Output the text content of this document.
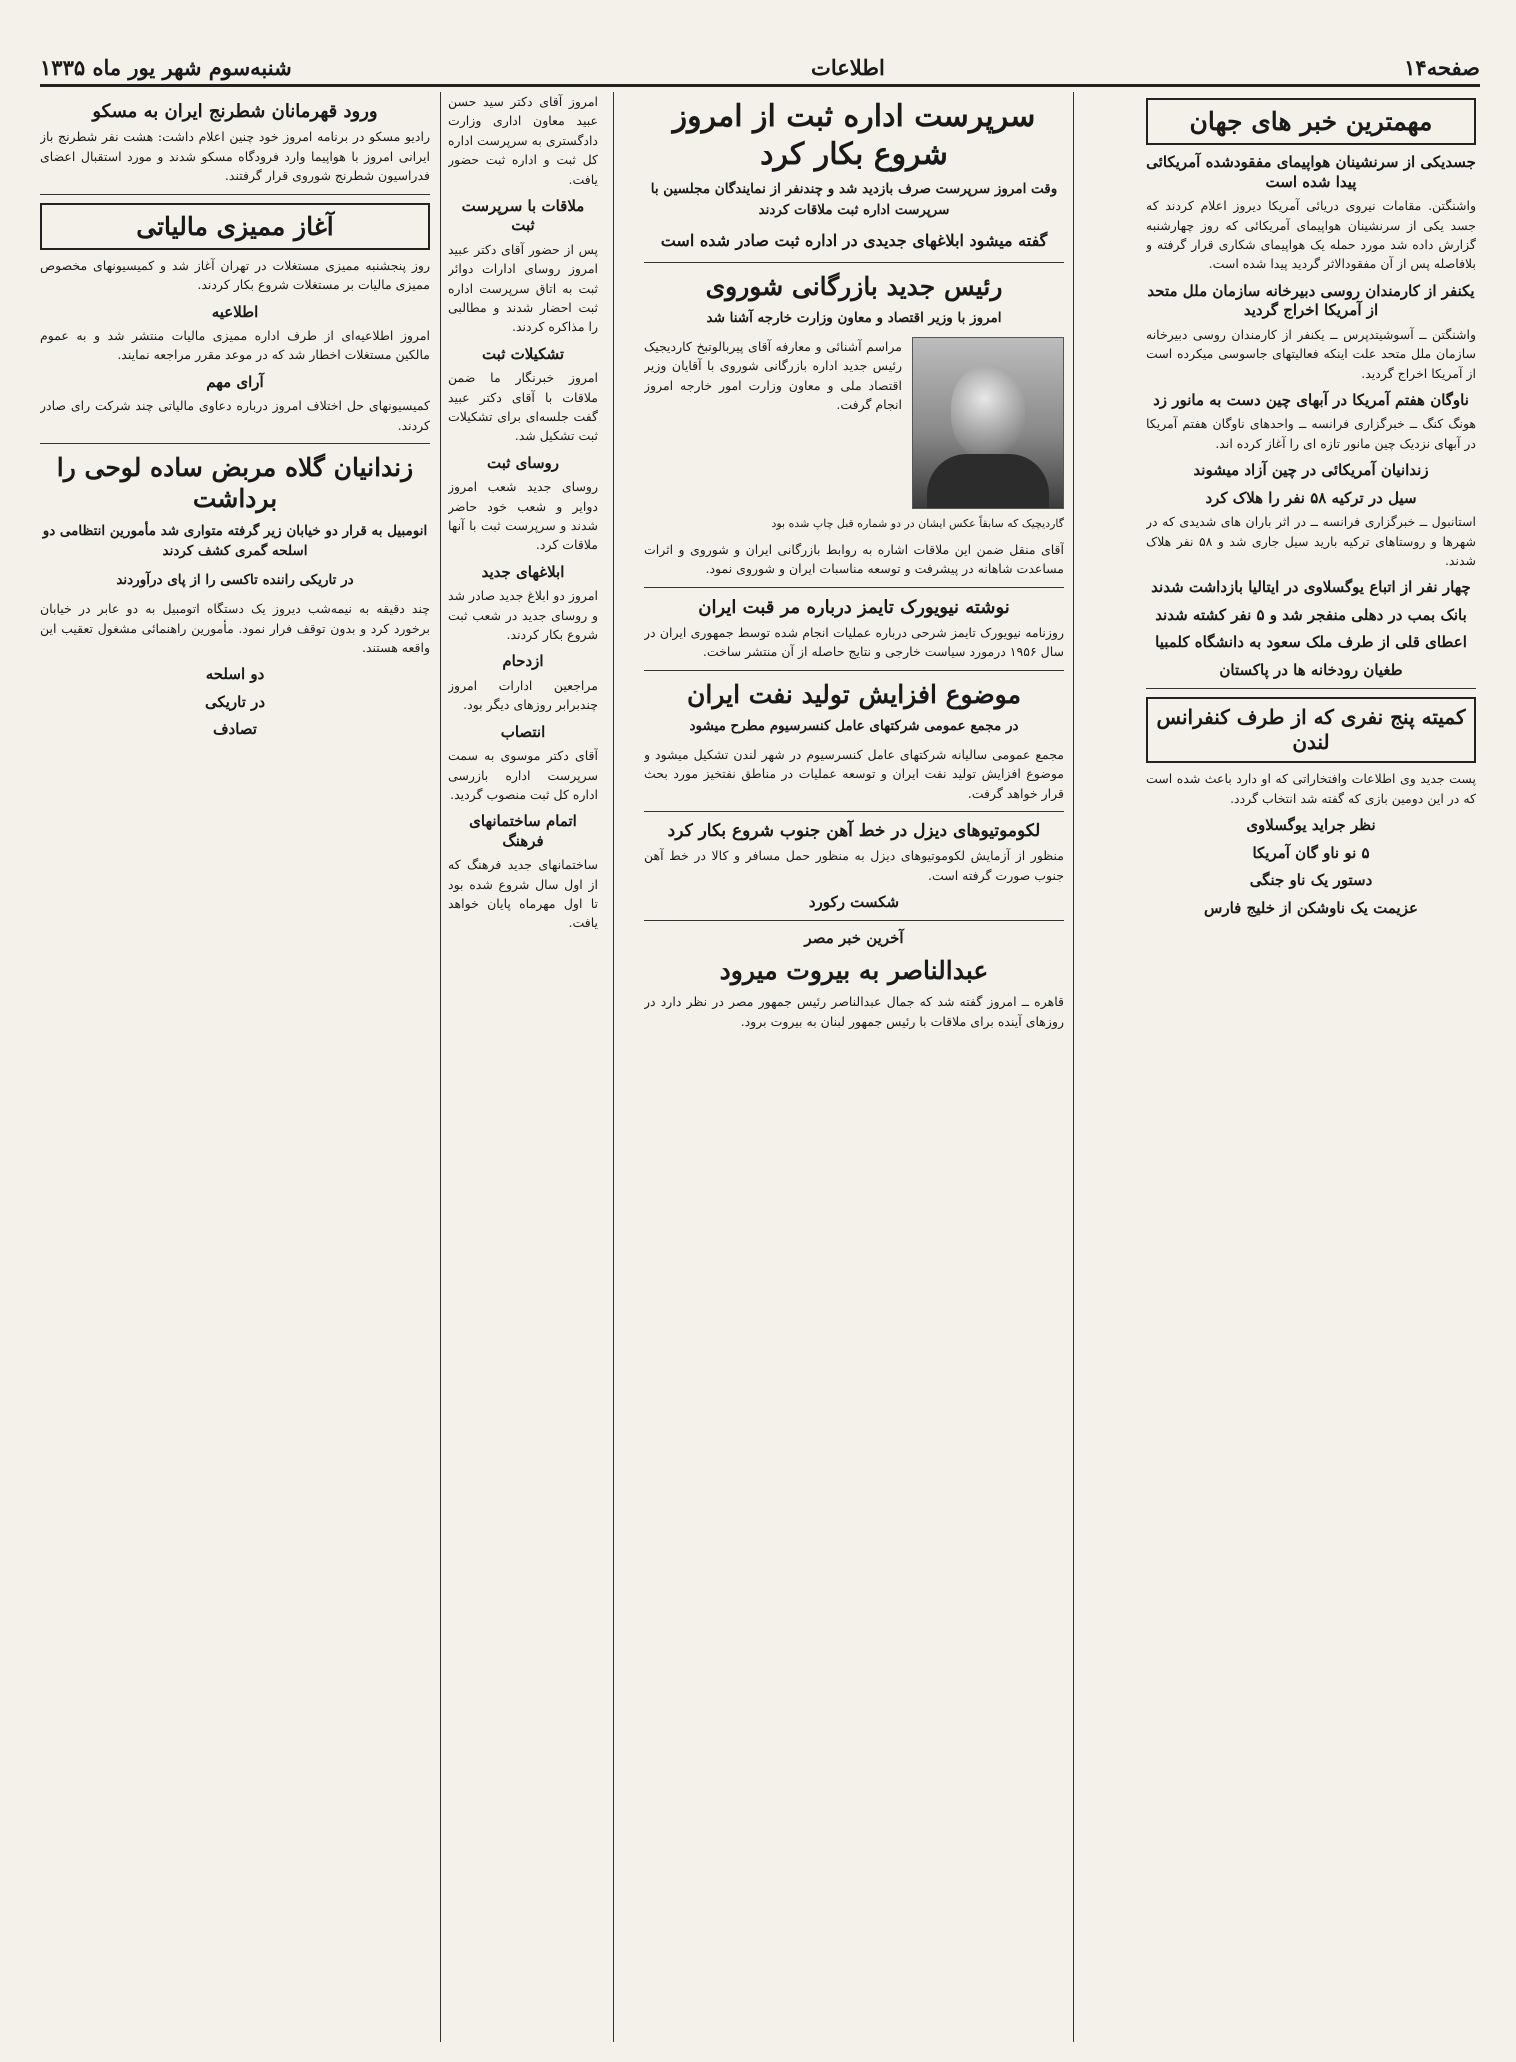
صفحه۱۴
اطلاعات
شنبه‌سوم شهر یور ماه ۱۳۳۵
مهمترین خبر های جهان
جسدیکی از سرنشینان هواپیمای مفقودشده آمریکائی پیدا شده است

واشنگتن.‌ مقامات نیروی دریائی آمریکا دیروز اعلام کردند که جسد یکی از سرنشینان هواپیمای آمریکائی که روز چهارشنبه گزارش داده شد مورد حمله یک هواپیمای شکاری قرار گرفته و بلافاصله پس از آن مفقودالاثر گردید پیدا شده است.

یکنفر از کارمندان روسی دبیرخانه سازمان ملل متحد از آمریکا اخراج گردید

واشنگتن ــ آسوشیتدپرس ــ یکنفر از کارمندان روسی دبیرخانه سازمان ملل متحد علت اینکه فعالیتهای جاسوسی میکرده است از آمریکا اخراج گردید.

ناوگان هفتم آمریکا در آبهای چین دست به مانور زد

هونگ کنگ ــ خبرگزاری فرانسه ــ واحدهای ناوگان هفتم آمریکا در آبهای نزدیک چین مانور تازه ای را آغاز کرده اند.

زندانیان آمریکائی در چین آزاد میشوند
سیل در ترکیه ۵۸ نفر را هلاک کرد

استانبول ــ خبرگزاری فرانسه ــ در اثر باران های شدیدی که در شهرها و روستاهای ترکیه بارید سیل جاری شد و ۵۸ نفر هلاک شدند.

چهار نفر از اتباع یوگسلاوی در ایتالیا بازداشت شدند
بانک بمب در دهلی منفجر شد و ۵ نفر کشته شدند
اعطای قلی از طرف ملک سعود به دانشگاه کلمبیا
طغیان رودخانه ها در پاکستان
کمیته پنج نفری که از طرف کنفرانس لندن

پست جدید وی اطلاعات وافتخاراتی که او دارد باعث شده است که در این دومین بازی که گفته شد انتخاب گردد.

نظر جراید یوگسلاوی
۵ نو ناو گان آمریکا
دستور یک ناو جنگی
عزیمت یک ناوشکن از خلیج فارس
سرپرست اداره ثبت از امروز شروع بکار کرد

وقت امروز سرپرست صرف بازدید شد و چندنفر از نمایندگان مجلسین با سرپرست اداره ثبت ملاقات کردند

گفته میشود ابلاغهای جدیدی در اداره ثبت صادر شده است

رئیس جدید بازرگانی شوروی

امروز با وزیر اقتصاد و معاون وزارت خارجه آشنا شد

مراسم آشنائی و معارفه آقای پیربالوتبخ کاردیجیک رئیس جدید اداره بازرگانی شوروی با آقایان وزیر اقتصاد ملی و معاون وزارت امور خارجه امروز انجام گرفت.

گاردیچیک که سابقاً عکس ایشان در دو شماره قبل چاپ شده بود

آقای منقل ضمن این ملاقات اشاره به روابط بازرگانی ایران و شوروی و اثرات مساعدت شاهانه در پیشرفت و توسعه مناسبات ایران و شوروی نمود.

نوشته نیویورک تایمز درباره مر قبت ایران

روزنامه نیویورک تایمز شرحی درباره عملیات انجام شده توسط جمهوری ایران در سال ۱۹۵۶ درمورد سیاست خارجی و نتایج حاصله از آن منتشر ساخت.

موضوع افزایش تولید نفت ایران

در مجمع عمومی شرکتهای عامل کنسرسیوم مطرح میشود

مجمع عمومی سالیانه شرکتهای عامل کنسرسیوم در شهر لندن تشکیل میشود و موضوع افزایش تولید نفت ایران و توسعه عملیات در مناطق نفتخیز مورد بحث قرار خواهد گرفت.

لکوموتیوهای دیزل در خط آهن جنوب شروع بکار کرد

منظور از آزمایش لکوموتیوهای دیزل به منظور حمل مسافر و کالا در خط آهن جنوب صورت گرفته است.

شکست رکورد
آخرین خبر مصر
عبدالناصر به بیروت میرود

قاهره ــ امروز گفته شد که جمال عبدالناصر رئیس جمهور مصر در نظر دارد در روزهای آینده برای ملاقات با رئیس جمهور لبنان به بیروت برود.

امروز آقای دکتر سید حسن عبید معاون اداری وزارت دادگستری به سرپرست اداره کل ثبت و اداره ثبت حضور یافت.

ملاقات با سرپرست ثبت

پس از حضور آقای دکتر عبید امروز روسای ادارات دوائر ثبت به اتاق سرپرست اداره ثبت احضار شدند و مطالبی را مذاکره کردند.

تشکیلات ثبت

امروز خبرنگار ما ضمن ملاقات با آقای دکتر عبید گفت جلسه‌ای برای تشکیلات ثبت تشکیل شد.

روسای ثبت

روسای جدید شعب امروز دوایر و شعب خود حاضر شدند و سرپرست ثبت با آنها ملاقات کرد.

ابلاغهای جدید

امروز دو ابلاغ جدید صادر شد و روسای جدید در شعب ثبت شروع بکار کردند.

ازدحام

مراجعین ادارات امروز چندبرابر روزهای دیگر بود.

انتصاب

آقای دکتر موسوی به سمت سرپرست اداره بازرسی اداره کل ثبت منصوب گردید.

اتمام ساختمانهای فرهنگ

ساختمانهای جدید فرهنگ که از اول سال شروع شده بود تا اول مهرماه پایان خواهد یافت.

ورود قهرمانان شطرنج ایران به مسکو

رادیو مسکو در برنامه امروز خود چنین اعلام داشت: هشت نفر شطرنج باز ایرانی امروز با هواپیما وارد فرودگاه مسکو شدند و مورد استقبال اعضای فدراسیون شطرنج شوروی قرار گرفتند.

آغاز ممیزی مالیاتی

روز پنجشنبه ممیزی مستغلات در تهران آغاز شد و کمیسیونهای مخصوص ممیزی مالیات بر مستغلات شروع بکار کردند.

اطلاعیه

امروز اطلاعیه‌ای از طرف اداره ممیزی مالیات منتشر شد و به عموم مالکین مستغلات اخطار شد که در موعد مقرر مراجعه نمایند.

آرای مهم

کمیسیونهای حل اختلاف امروز درباره دعاوی مالیاتی چند شرکت رای صادر کردند.

زندانیان گلاه مربض ساده لوحی را برداشت

انومبیل به قرار دو خیابان زیر گرفته متواری شد مأمورین انتظامی دو اسلحه گمری کشف کردند

در تاریکی راننده تاکسی را از پای درآوردند

چند دقیقه به نیمه‌شب دیروز یک دستگاه اتومبیل به دو عابر در خیابان برخورد کرد و بدون توقف فرار نمود. مأمورین راهنمائی مشغول تعقیب این واقعه هستند.

دو اسلحه
در تاریکی
تصادف
